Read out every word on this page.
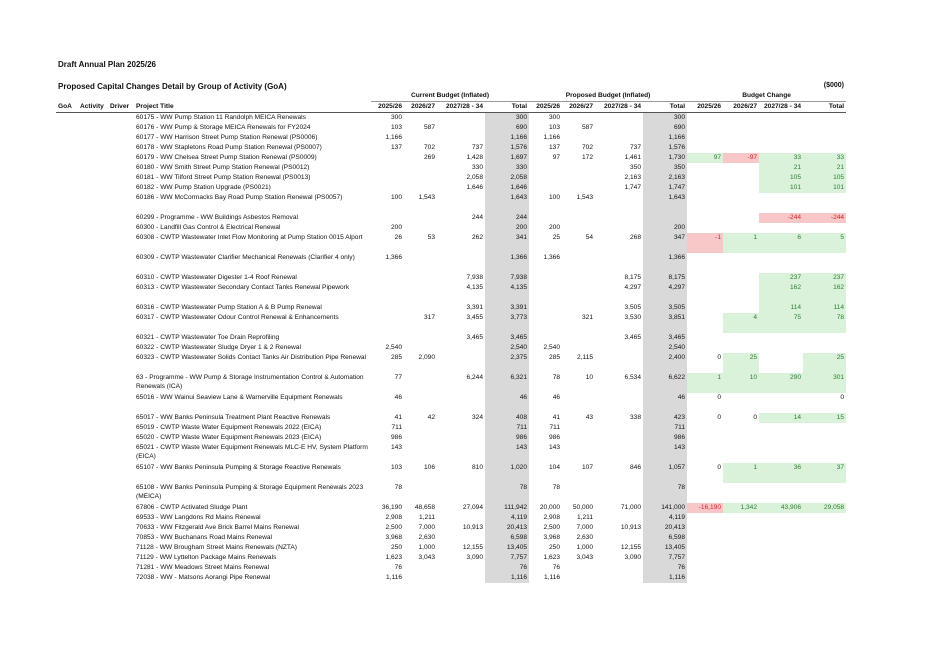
Draft Annual Plan 2025/26
Proposed Capital Changes Detail by Group of Activity (GoA)	($000)
				Current Budget (Inflated)				Proposed Budget (Inflated)				Budget Change			
GoA	Activity	Driver	Project Title	2025/26	2026/27	2027/28 - 34	Total	2025/26	2026/27	2027/28 - 34	Total	2025/26	2026/27	2027/28 - 34	Total
			60175 - WW Pump Station 11 Randolph MEICA Renewals	300			300	300			300				
			60176 - WW Pump & Storage MEICA Renewals for FY2024	103	587		690	103	587		690				
			60177 - WW Harrison Street Pump Station Renewal (PS0006)	1,166			1,166	1,166			1,166				
			60178 - WW Stapletons Road Pump Station Renewal (PS0007)	137	702	737	1,576	137	702	737	1,576				
			60179 - WW Chelsea Street Pump Station Renewal (PS0009)		269	1,428	1,697	97	172	1,461	1,730	97	-97	33	33
			60180 - WW Smith Street Pump Station Renewal (PS0012)			330	330			350	350			21	21
			60181 - WW Tilford Street Pump Station Renewal (PS0013)			2,058	2,058			2,163	2,163			105	105
			60182 - WW Pump Station Upgrade (PS0021)			1,646	1,646			1,747	1,747			101	101
			60186 - WW McCormacks Bay Road Pump Station Renewal (PS0057)	100	1,543		1,643	100	1,543		1,643				
			60299 - Programme - WW Buildings Asbestos Removal			244	244							-244	-244
			60300 - Landfill Gas Control & Electrical Renewal	200			200	200			200				
			60308 - CWTP Wastewater Inlet Flow Monitoring at Pump Station 0015 Alport	26	53	262	341	25	54	268	347	-1	1	6	5
			60309 - CWTP Wastewater Clarifier Mechanical Renewals (Clarifier 4 only)	1,366			1,366	1,366			1,366				
			60310 - CWTP Wastewater Digester 1-4 Roof Renewal			7,938	7,938			8,175	8,175			237	237
			60313 - CWTP Wastewater Secondary Contact Tanks Renewal Pipework			4,135	4,135			4,297	4,297			162	162
			60316 - CWTP Wastewater Pump Station A & B Pump Renewal			3,391	3,391			3,505	3,505			114	114
			60317 - CWTP Wastewater Odour Control Renewal & Enhancements		317	3,455	3,773		321	3,530	3,851		4	75	78
			60321 - CWTP Wastewater Toe Drain Reprofiling			3,465	3,465			3,465	3,465				
			60322 - CWTP Wastewater Sludge Dryer 1 & 2 Renewal	2,540			2,540	2,540			2,540				
			60323 - CWTP Wastewater Solids Contact Tanks Air Distribution Pipe Renewal	285	2,090		2,375	285	2,115		2,400	0	25		25
			63 - Programme - WW Pump & Storage Instrumentation Control & Automation Renewals (ICA)	77		6,244	6,321	78	10	6,534	6,622	1	10	290	301
			65016 - WW Wainui Seaview Lane & Warnerville Equipment Renewals	46			46	46			46	0			0
			65017 - WW Banks Peninsula Treatment Plant Reactive Renewals	41	42	324	408	41	43	338	423	0	0	14	15
			65019 - CWTP Waste Water Equipment Renewals 2022 (EICA)	711			711	711			711				
			65020 - CWTP Waste Water Equipment Renewals 2023 (EICA)	986			986	986			986				
			65021 - CWTP Waste Water Equipment Renewals MLC-E HV, System Platform (EICA)	143			143	143			143				
			65107 - WW Banks Peninsula Pumping & Storage Reactive Renewals	103	106	810	1,020	104	107	846	1,057	0	1	36	37
			65108 - WW Banks Peninsula Pumping & Storage Equipment Renewals 2023 (MEICA)	78			78	78			78				
			67806 - CWTP Activated Sludge Plant	36,190	48,658	27,094	111,942	20,000	50,000	71,000	141,000	-16,190	1,342	43,906	29,058
			69533 - WW Langdons Rd Mains Renewal	2,908	1,211		4,119	2,908	1,211		4,119				
			70633 - WW Fitzgerald Ave Brick Barrel Mains Renewal	2,500	7,000	10,913	20,413	2,500	7,000	10,913	20,413				
			70853 - WW Buchanans Road Mains Renewal	3,968	2,630		6,598	3,968	2,630		6,598				
			71128 - WW Brougham Street Mains Renewals (NZTA)	250	1,000	12,155	13,405	250	1,000	12,155	13,405				
			71129 - WW Lyttelton Package Mains Renewals	1,623	3,043	3,090	7,757	1,623	3,043	3,090	7,757				
			71281 - WW Meadows Street Mains Renewal	76			76	76			76				
			72038 - WW - Matsons Aorangi Pipe Renewal	1,116			1,116	1,116			1,116				
